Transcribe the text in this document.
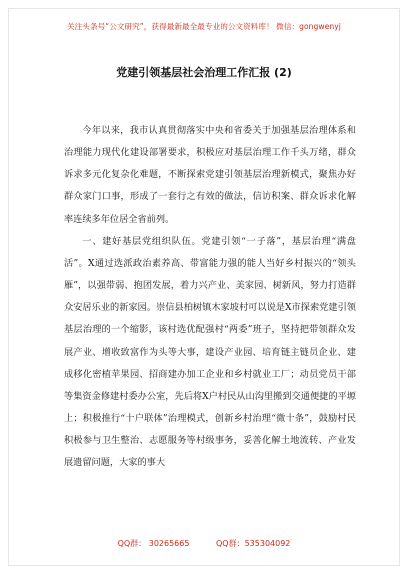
关注头条号“公文研究”，获得最新最全最专业的公文资料库！ 微信：gongwenyj
党建引领基层社会治理工作汇报 (2)

今年以来，我市认真贯彻落实中央和省委关于加强基层治理体系和治理能力现代化建设部署要求，积极应对基层治理工作千头万绪，群众诉求多元化复杂化难题，不断探索党建引领基层治理新模式，聚焦办好群众家门口事，形成了一套行之有效的做法，信访积案、群众诉求化解率连续多年位居全省前列。

一、建好基层党组织队伍。党建引领“一子落”，基层治理“满盘活”。X通过选派政治素养高、带富能力强的能人当好乡村振兴的“领头雁”，以强带弱、抱团发展，着力兴产业、美家园、树新风，努力打造群众安居乐业的新家园。崇信县柏树镇木家坡村可以说是X市探索党建引领基层治理的一个缩影，该村选优配强村“两委”班子，坚持把带领群众发展产业、增收致富作为头等大事，建设产业园、培育链主链员企业、建成移化密植苹果园、招商建办加工企业和乡村就业工厂；动员党员干部等集资金修建村委办公室，先后将X户村民从山沟里搬到交通便捷的平塬上；积极推行“十户联体”治理模式，创新乡村治理“微十条”，鼓励村民积极参与卫生整治、志愿服务等村级事务，妥善化解土地流转、产业发展遗留问题，大家的事大

QQ群： 30265665	QQ群：535304092
